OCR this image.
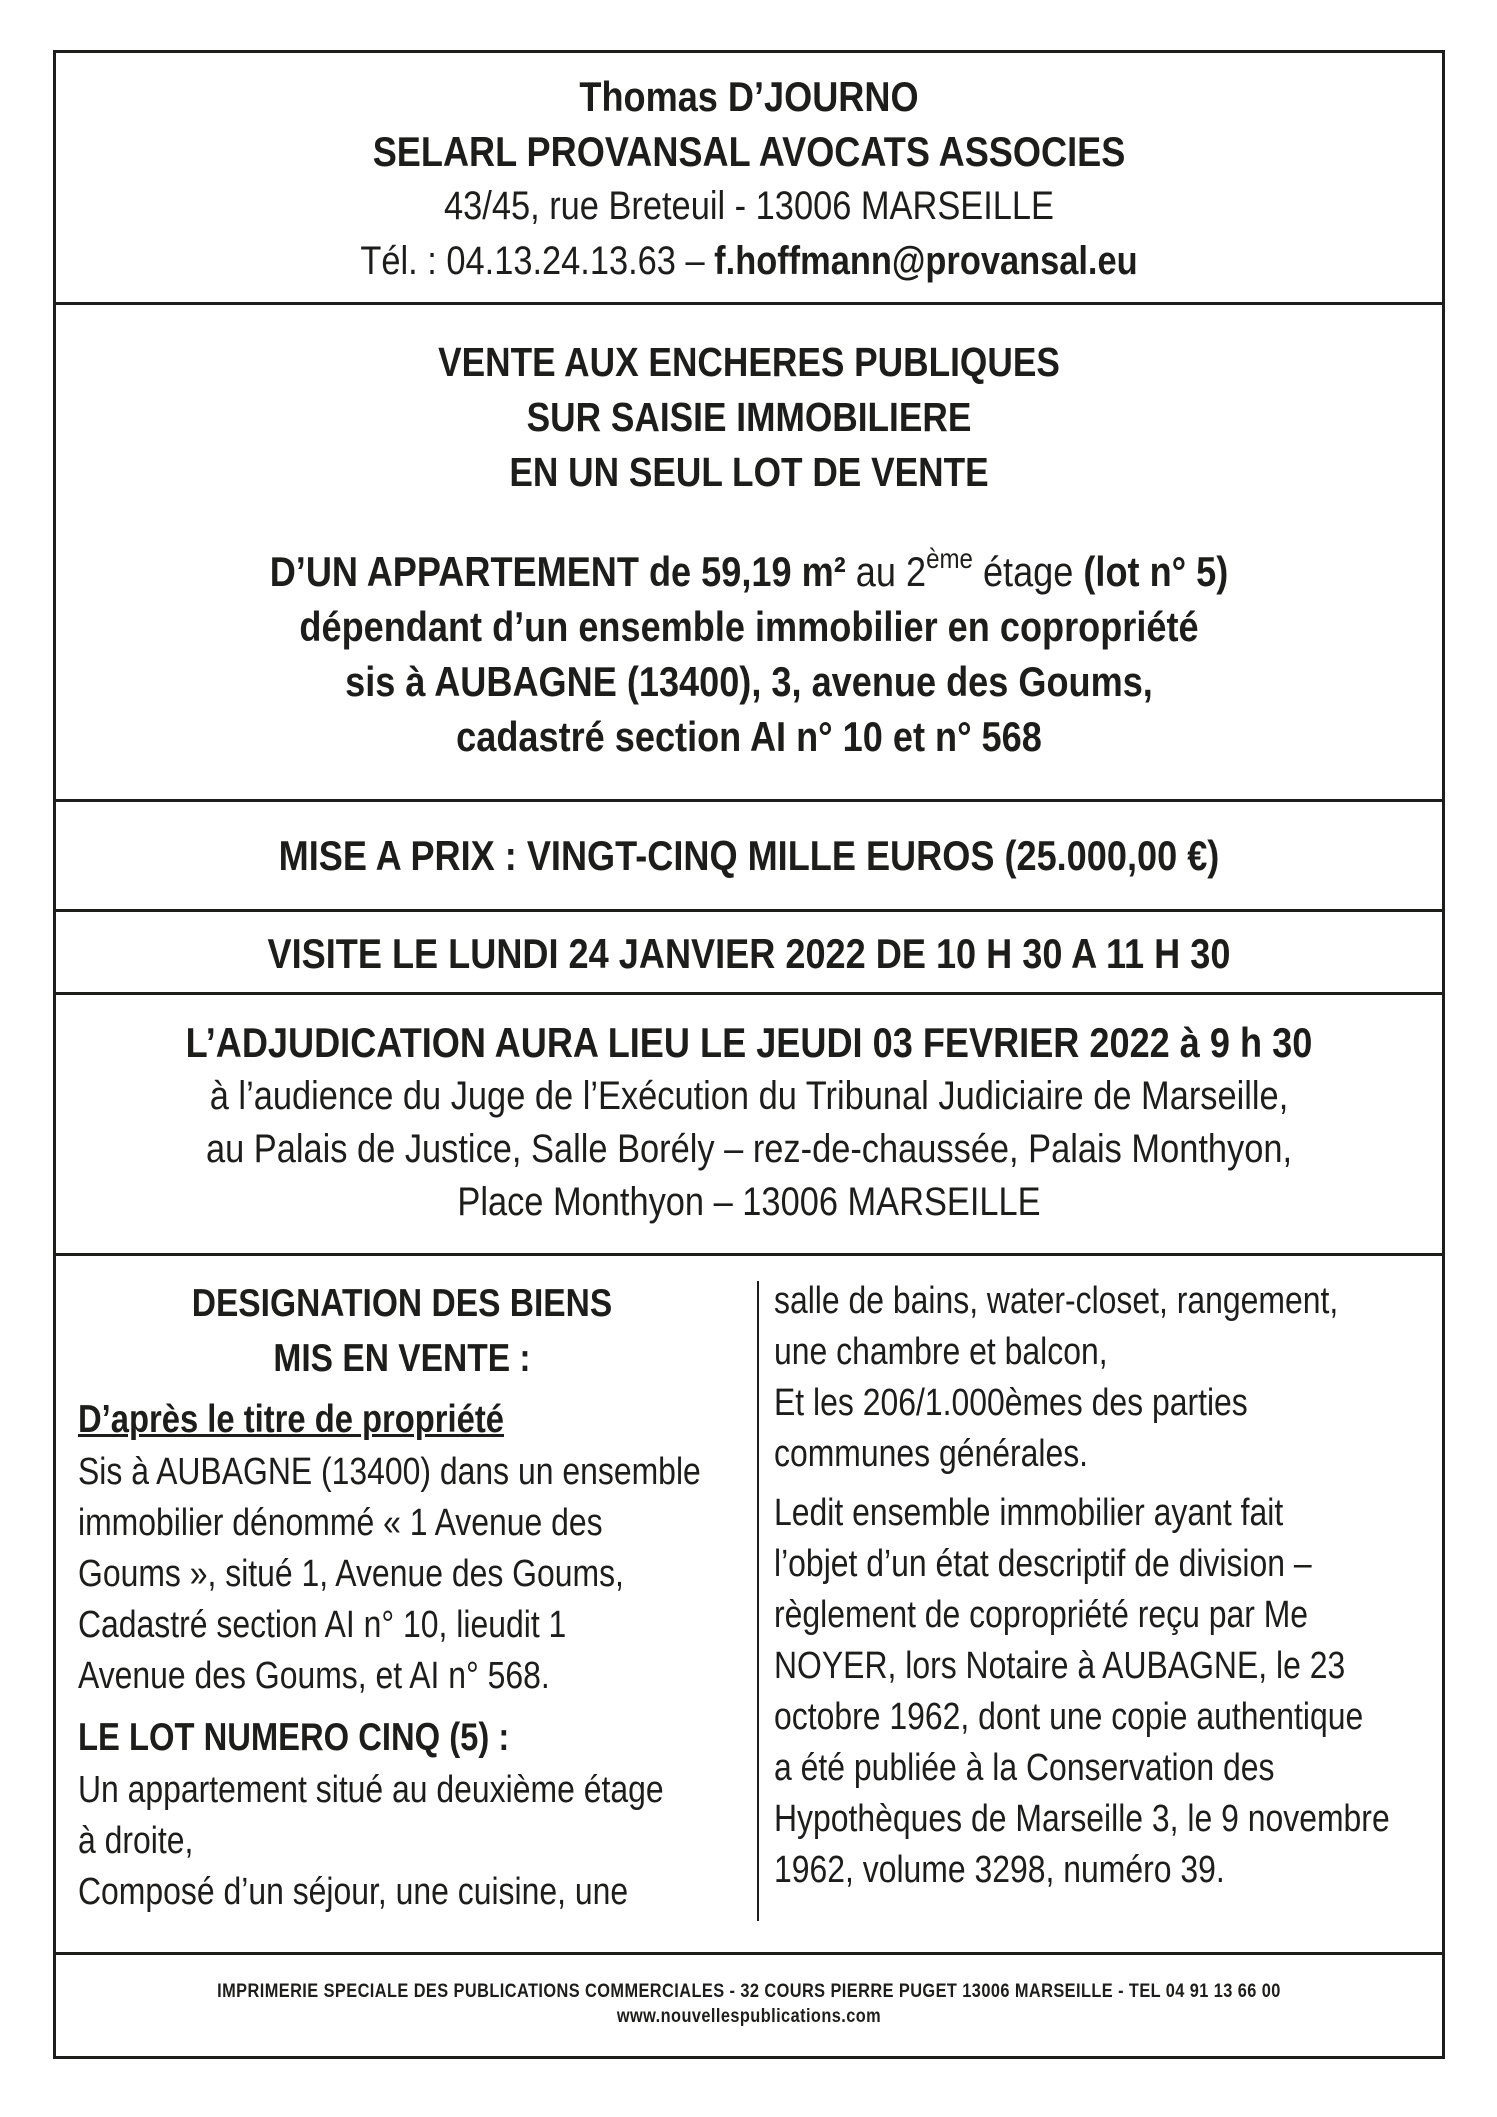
Thomas D’JOURNO
SELARL PROVANSAL AVOCATS ASSOCIES
43/45, rue Breteuil - 13006 MARSEILLE
Tél. : 04.13.24.13.63 – f.hoffmann@provansal.eu
VENTE AUX ENCHERES PUBLIQUES
SUR SAISIE IMMOBILIERE
EN UN SEUL LOT DE VENTE
D’UN APPARTEMENT de 59,19 m² au 2ème étage (lot n° 5)
dépendant d’un ensemble immobilier en copropriété
sis à AUBAGNE (13400), 3, avenue des Goums,
cadastré section AI n° 10 et n° 568
MISE A PRIX : VINGT-CINQ MILLE EUROS (25.000,00 €)
VISITE LE LUNDI 24 JANVIER 2022 DE 10 H 30 A 11 H 30
L’ADJUDICATION AURA LIEU LE JEUDI 03 FEVRIER 2022 à 9 h 30
à l’audience du Juge de l’Exécution du Tribunal Judiciaire de Marseille,
au Palais de Justice, Salle Borély – rez-de-chaussée, Palais Monthyon,
Place Monthyon – 13006 MARSEILLE
DESIGNATION DES BIENS
MIS EN VENTE :
D’après le titre de propriété
Sis à AUBAGNE (13400) dans un ensemble
immobilier dénommé « 1 Avenue des
Goums », situé 1, Avenue des Goums,
Cadastré section AI n° 10, lieudit 1
Avenue des Goums, et AI n° 568.
LE LOT NUMERO CINQ (5) :
Un appartement situé au deuxième étage
à droite,
Composé d’un séjour, une cuisine, une
salle de bains, water-closet, rangement,
une chambre et balcon,
Et les 206/1.000èmes des parties
communes générales.
Ledit ensemble immobilier ayant fait
l’objet d’un état descriptif de division –
règlement de copropriété reçu par Me
NOYER, lors Notaire à AUBAGNE, le 23
octobre 1962, dont une copie authentique
a été publiée à la Conservation des
Hypothèques de Marseille 3, le 9 novembre
1962, volume 3298, numéro 39.
IMPRIMERIE SPECIALE DES PUBLICATIONS COMMERCIALES - 32 COURS PIERRE PUGET 13006 MARSEILLE - TEL 04 91 13 66 00
www.nouvellespublications.com
